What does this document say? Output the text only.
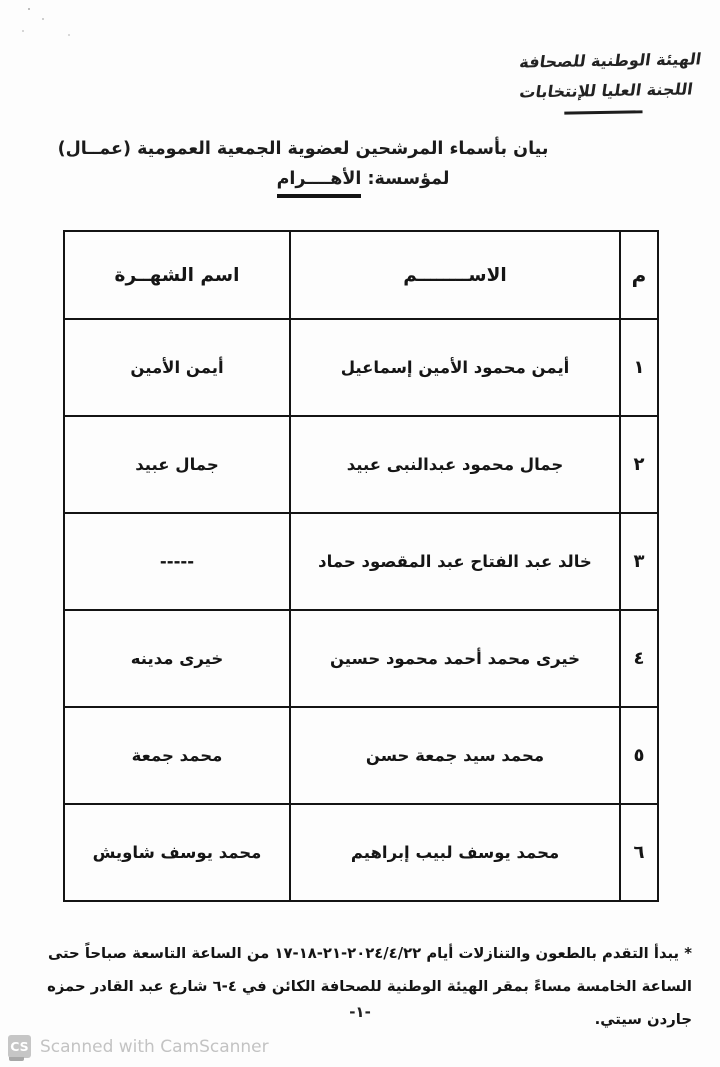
الهيئة الوطنية للصحافة
اللجنة العليا للإنتخابات
بيان بأسماء المرشحين لعضوية الجمعية العمومية (عمــال)
لمؤسسة: الأهــــرام
م	الاســــــــم	اسم الشهــرة
١	أيمن محمود الأمين إسماعيل	أيمن الأمين
٢	جمال محمود عبدالنبى عبيد	جمال عبيد
٣	خالد عبد الفتاح عبد المقصود حماد	-----
٤	خيرى محمد أحمد محمود حسين	خيرى مدينه
٥	محمد سيد جمعة حسن	محمد جمعة
٦	محمد يوسف لبيب إبراهيم	محمد يوسف شاويش
* يبدأ التقدم بالطعون والتنازلات أيام ٢٠٢٤/٤/٢٢-٢١-١٨-١٧ من الساعة التاسعة صباحاً حتى الساعة الخامسة مساءً بمقر الهيئة الوطنية للصحافة الكائن في ٤-٦ شارع عبد القادر حمزه جاردن سيتي.
-١-
CS Scanned with CamScanner
